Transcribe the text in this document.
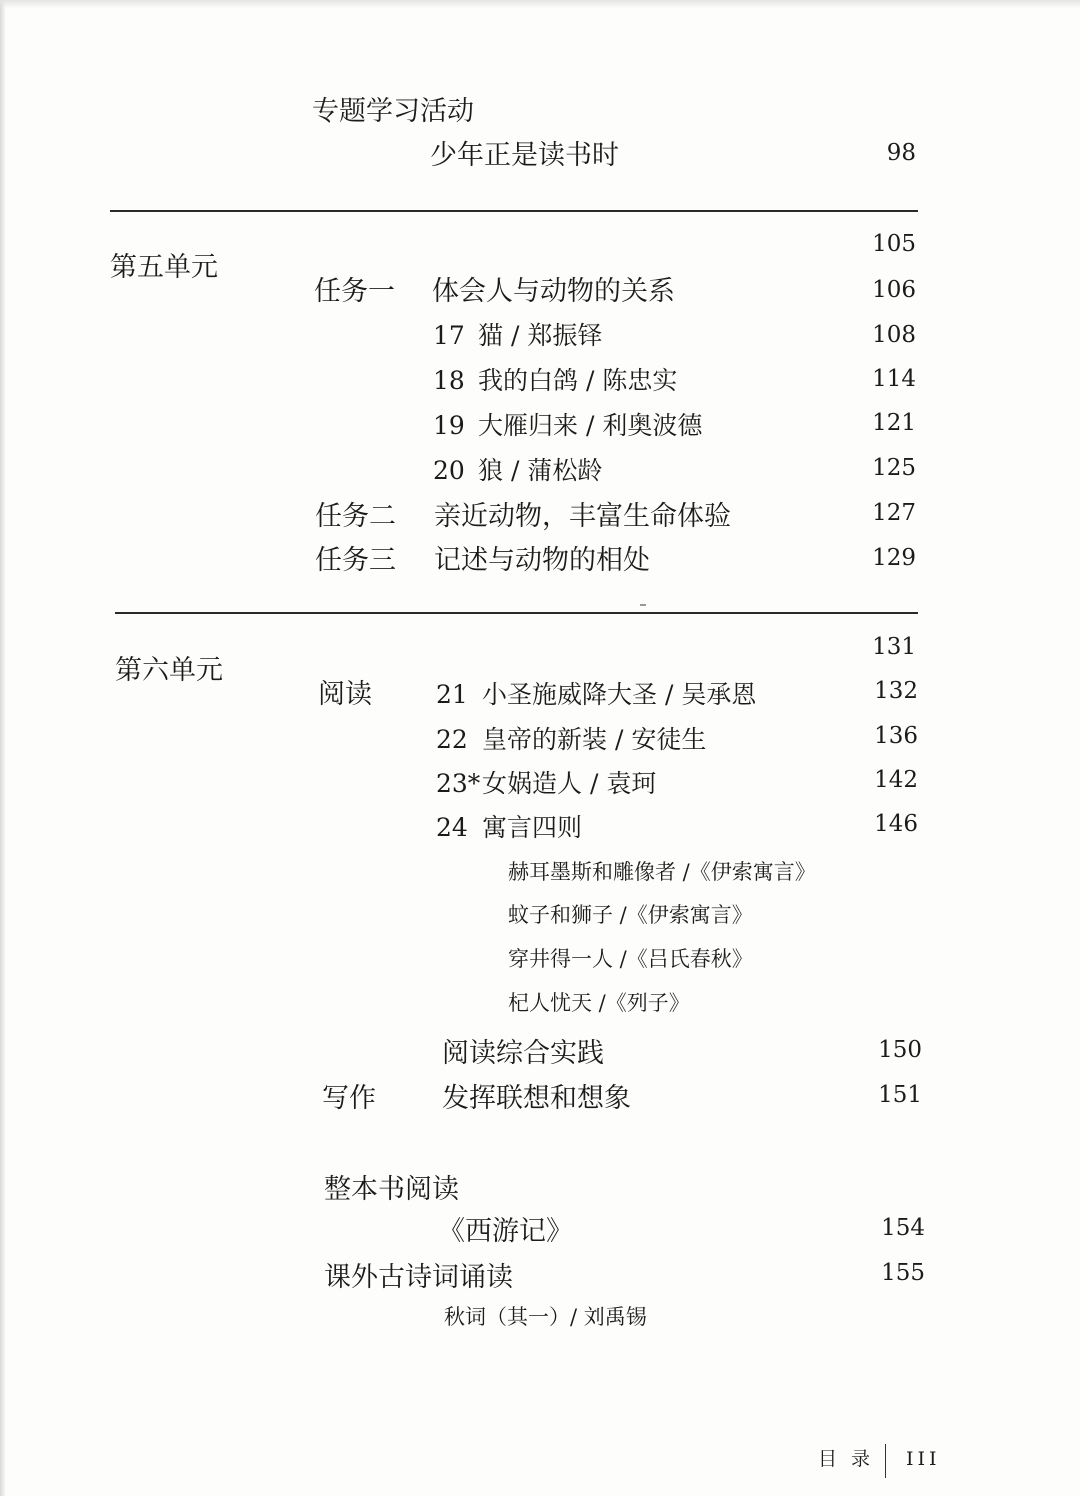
专题学习活动
少年正是读书时	98
第五单元
105
任务一 体会人与动物的关系	106
17 猫 / 郑振铎	108
18 我的白鸽 / 陈忠实	114
19 大雁归来 / 利奥波德	121
20 狼 / 蒲松龄	125
任务二 亲近动物，丰富生命体验	127
任务三 记述与动物的相处	129
第六单元
131
阅读	21 小圣施威降大圣 / 吴承恩	132
22 皇帝的新装 / 安徒生	136
23* 女娲造人 / 袁珂	142
24 寓言四则	146
赫耳墨斯和雕像者 /《伊索寓言》
蚊子和狮子 /《伊索寓言》
穿井得一人 /《吕氏春秋》
杞人忧天 /《列子》
阅读综合实践	150
写作 发挥联想和想象	151
整本书阅读
《西游记》	154
课外古诗词诵读	155
秋词（其一）/ 刘禹锡
目 录 III
